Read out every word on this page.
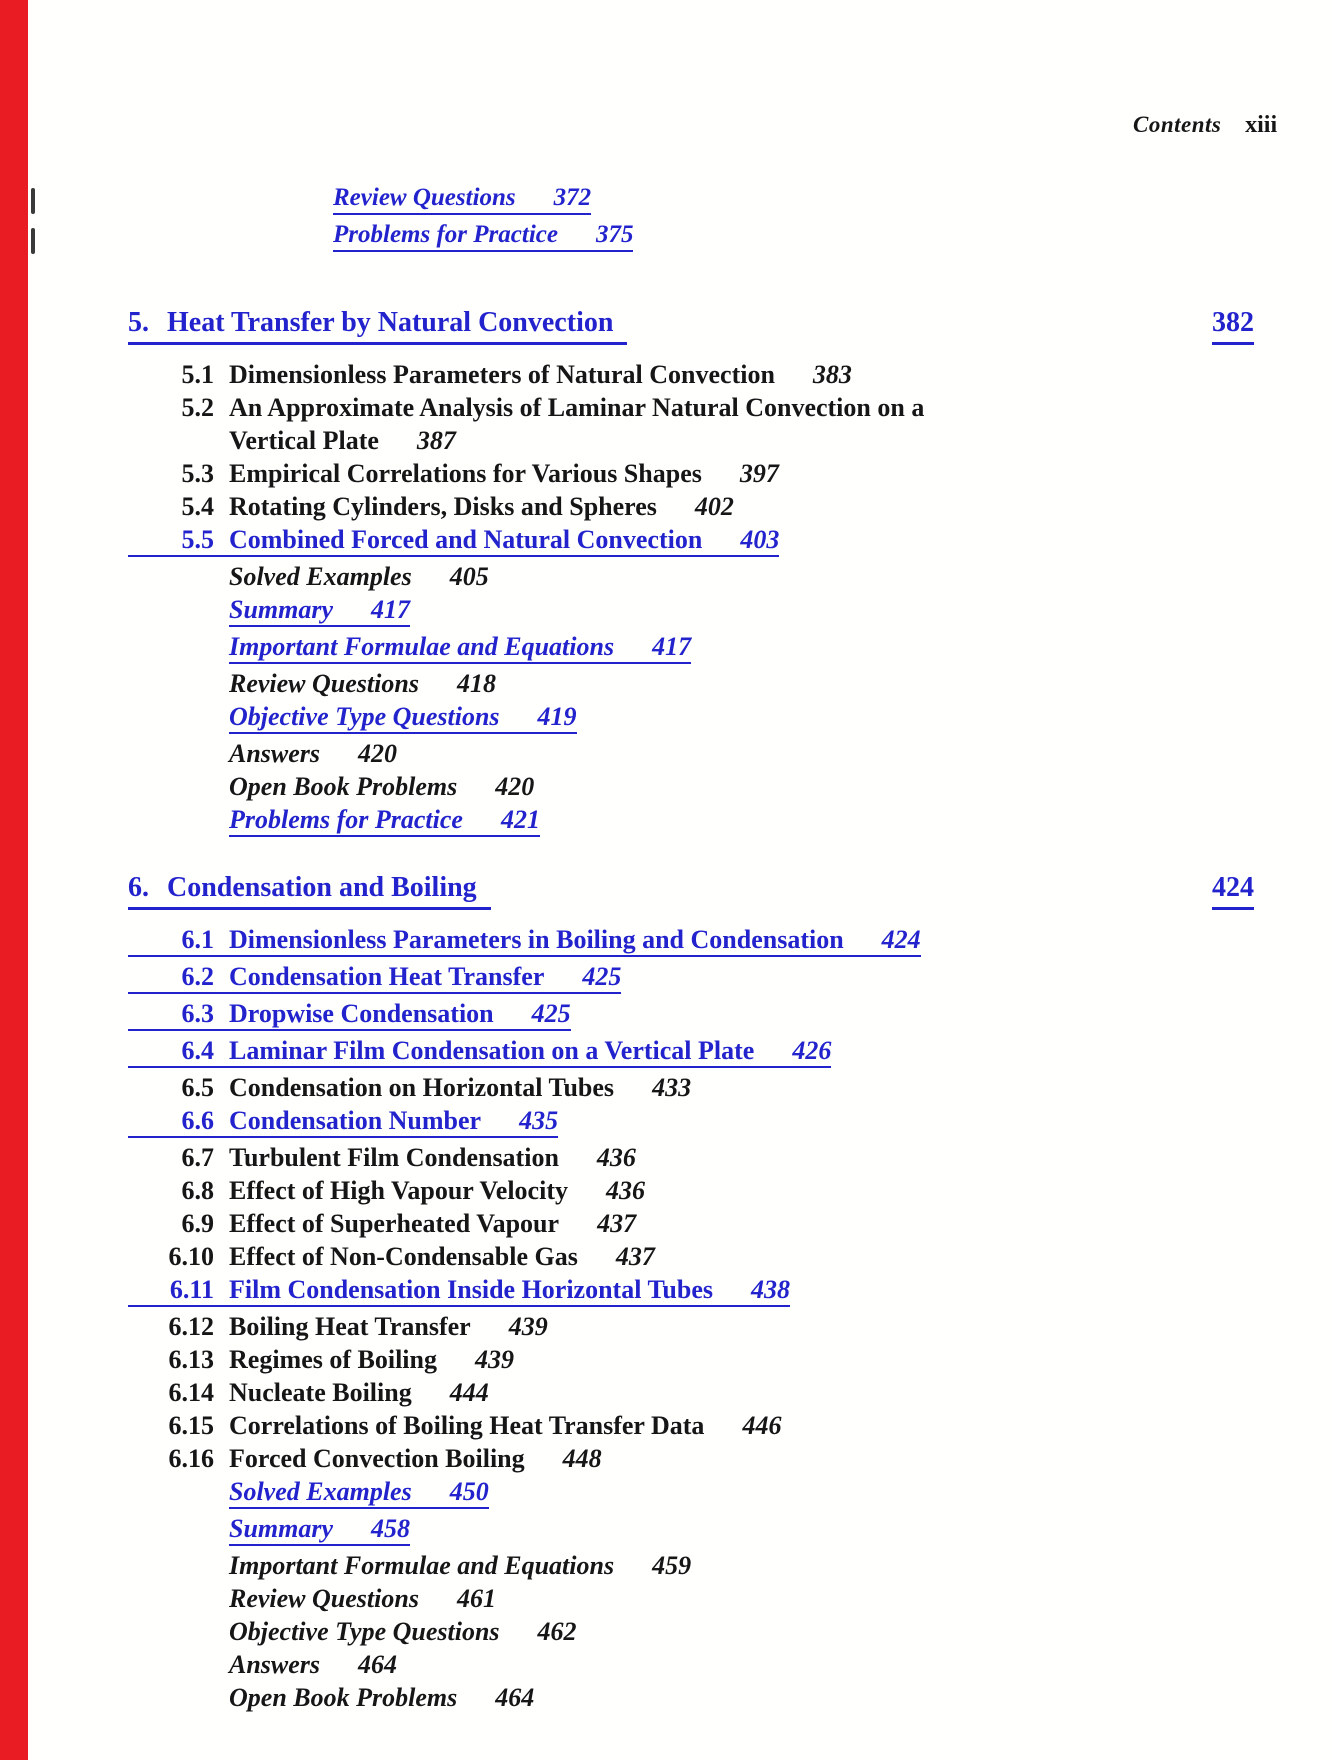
Contents xiii
Review Questions 372
Problems for Practice 375
5. Heat Transfer by Natural Convection	382
5.1 Dimensionless Parameters of Natural Convection 383
5.2 An Approximate Analysis of Laminar Natural Convection on a
Vertical Plate 387
5.3 Empirical Correlations for Various Shapes 397
5.4 Rotating Cylinders, Disks and Spheres 402
5.5 Combined Forced and Natural Convection 403
Solved Examples 405
Summary 417
Important Formulae and Equations 417
Review Questions 418
Objective Type Questions 419
Answers 420
Open Book Problems 420
Problems for Practice 421
6. Condensation and Boiling	424
6.1 Dimensionless Parameters in Boiling and Condensation 424
6.2 Condensation Heat Transfer 425
6.3 Dropwise Condensation 425
6.4 Laminar Film Condensation on a Vertical Plate 426
6.5 Condensation on Horizontal Tubes 433
6.6 Condensation Number 435
6.7 Turbulent Film Condensation 436
6.8 Effect of High Vapour Velocity 436
6.9 Effect of Superheated Vapour 437
6.10 Effect of Non-Condensable Gas 437
6.11 Film Condensation Inside Horizontal Tubes 438
6.12 Boiling Heat Transfer 439
6.13 Regimes of Boiling 439
6.14 Nucleate Boiling 444
6.15 Correlations of Boiling Heat Transfer Data 446
6.16 Forced Convection Boiling 448
Solved Examples 450
Summary 458
Important Formulae and Equations 459
Review Questions 461
Objective Type Questions 462
Answers 464
Open Book Problems 464
